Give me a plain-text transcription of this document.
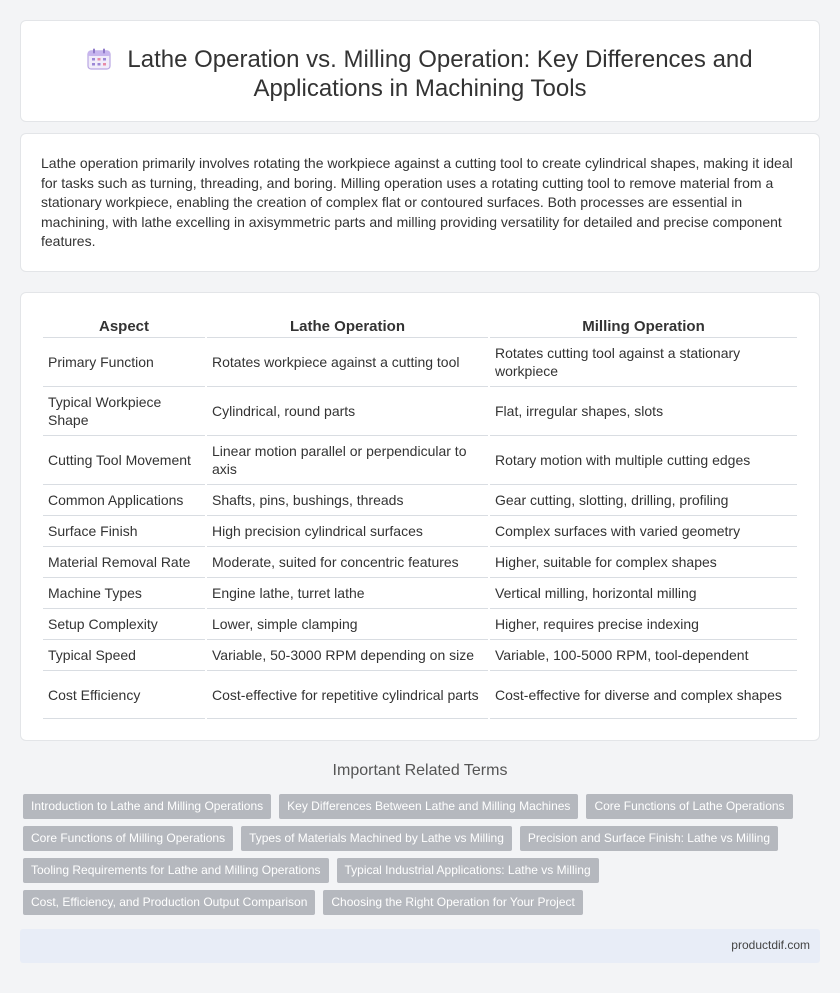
Lathe Operation vs. Milling Operation: Key Differences and Applications in Machining Tools

Lathe operation primarily involves rotating the workpiece against a cutting tool to create cylindrical shapes, making it ideal for tasks such as turning, threading, and boring. Milling operation uses a rotating cutting tool to remove material from a stationary workpiece, enabling the creation of complex flat or contoured surfaces. Both processes are essential in machining, with lathe excelling in axisymmetric parts and milling providing versatility for detailed and precise component features.

Aspect	Lathe Operation	Milling Operation
Primary Function	Rotates workpiece against a cutting tool	Rotates cutting tool against a stationary workpiece
Typical Workpiece Shape	Cylindrical, round parts	Flat, irregular shapes, slots
Cutting Tool Movement	Linear motion parallel or perpendicular to axis	Rotary motion with multiple cutting edges
Common Applications	Shafts, pins, bushings, threads	Gear cutting, slotting, drilling, profiling
Surface Finish	High precision cylindrical surfaces	Complex surfaces with varied geometry
Material Removal Rate	Moderate, suited for concentric features	Higher, suitable for complex shapes
Machine Types	Engine lathe, turret lathe	Vertical milling, horizontal milling
Setup Complexity	Lower, simple clamping	Higher, requires precise indexing
Typical Speed	Variable, 50-3000 RPM depending on size	Variable, 100-5000 RPM, tool-dependent
Cost Efficiency	Cost-effective for repetitive cylindrical parts	Cost-effective for diverse and complex shapes
Important Related Terms
Introduction to Lathe and Milling Operations	Key Differences Between Lathe and Milling Machines	Core Functions of Lathe Operations
Core Functions of Milling Operations	Types of Materials Machined by Lathe vs Milling	Precision and Surface Finish: Lathe vs Milling
Tooling Requirements for Lathe and Milling Operations	Typical Industrial Applications: Lathe vs Milling
Cost, Efficiency, and Production Output Comparison	Choosing the Right Operation for Your Project
productdif.com
